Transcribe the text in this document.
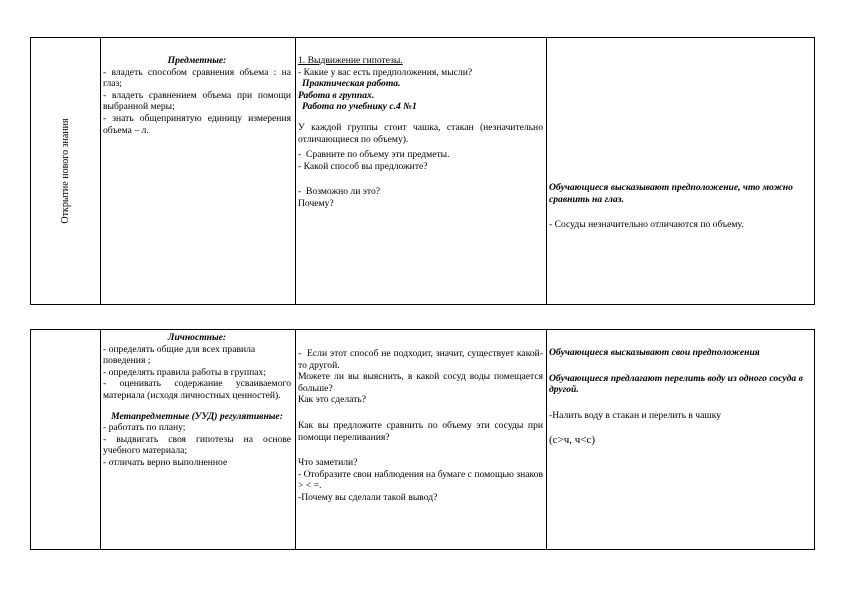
Открытие нового знания

Предметные:

- владеть способом сравнения объема : на глаз;

- владеть сравнением объема при помощи выбранной меры;

- знать общепринятую единицу измерения объема – л.

1. Выдвижение гипотезы.

- Какие у вас есть предположения, мысли?

Практическая работа.

Работа в группах.

Работа по учебнику с.4 №1

У каждой группы стоит чашка, стакан (незначительно отличающиеся по объему).

-  Сравните по объему эти предметы.

- Какой способ вы предложите?

-  Возможно ли это?

Почему?

Обучающиеся высказывают предположение, что можно сравнить на глаз.

- Сосуды незначительно отличаются по объему.

Личностные:

- определять общие для всех правила поведения ;

- определять правила работы в группах;

- оценивать содержание усваиваемого материала (исходя личностных ценностей).

Метапредметные (УУД) регулятивные:

- работать по плану;

- выдвигать своя гипотезы на основе учебного материала;

- отличать верно выполненное

-  Если этот способ не подходит, значит, существует какой-то другой.

Можете ли вы выяснить, в какой сосуд воды помещается больше?

Как это сделать?

Как вы предложите сравнить по объему эти сосуды при помощи переливания?

Что заметили?

- Отобразите свои наблюдения на бумаге с помощью знаков > < =.

-Почему вы сделали такой вывод?

Обучающиеся высказывают свои предположения

Обучающиеся предлагают перелить воду из одного сосуда в другой.

-Налить воду в стакан и перелить в чашку

(с>ч, ч<с)
